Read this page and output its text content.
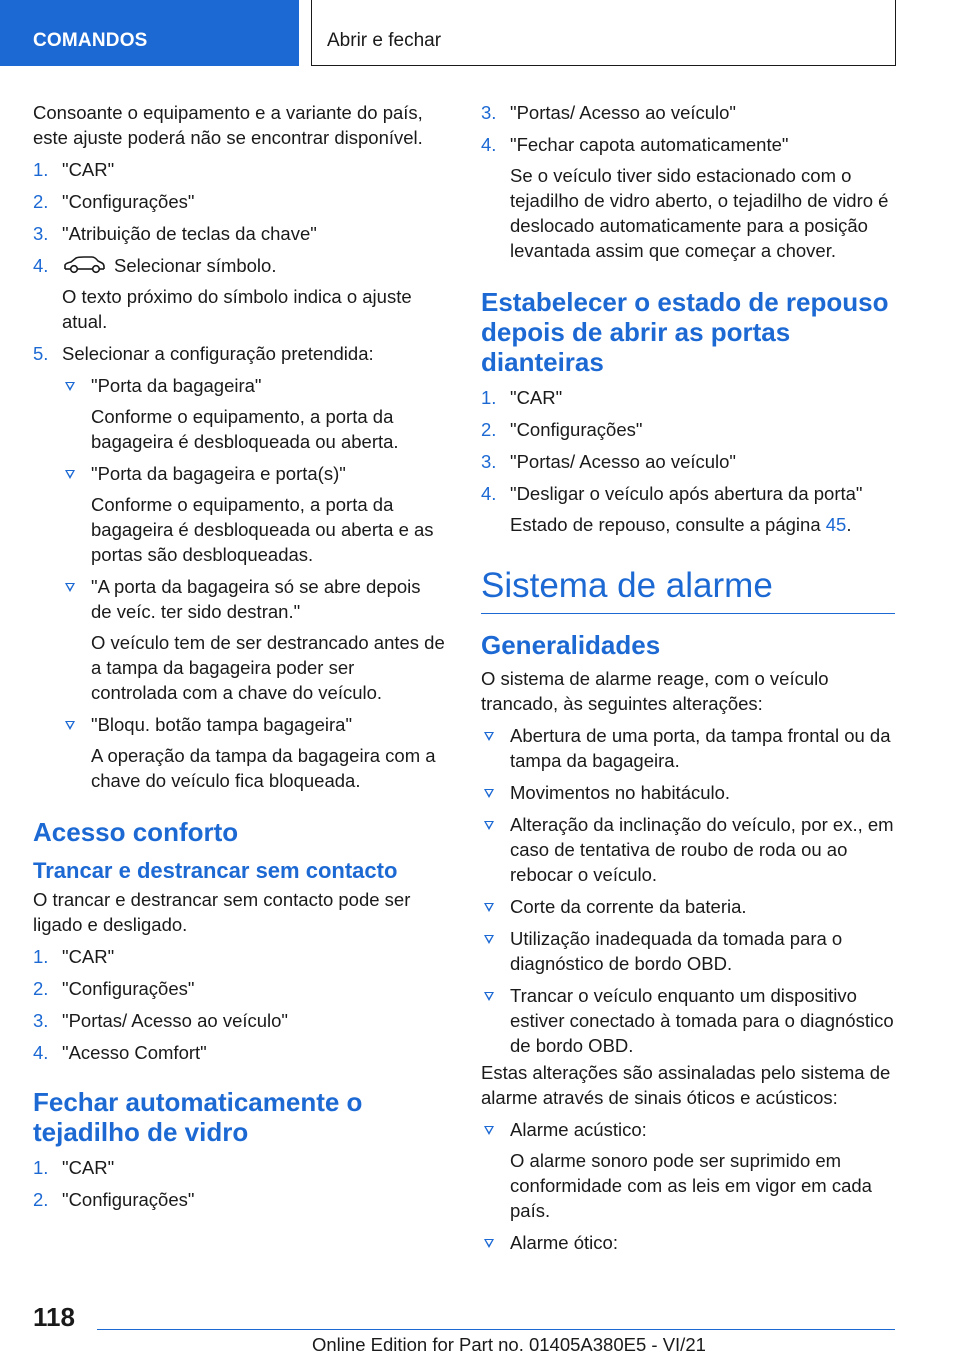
COMANDOS	Abrir e fechar

Consoante o equipamento e a variante do país, este ajuste poderá não se encontrar disponível.

1 . "CAR"
2 . "Configurações"
3 . "Atribuição de teclas da chave"
4 .	Selecionar símbolo.

O texto próximo do símbolo indica o ajuste atual.

5 . Selecionar a configuração pretendida:
"Porta da bagageira"

Conforme o equipamento, a porta da bagageira é desbloqueada ou aberta.

"Porta da bagageira e porta(s)"

Conforme o equipamento, a porta da bagageira é desbloqueada ou aberta e as portas são desbloqueadas.

"A porta da bagageira só se abre depois de veíc. ter sido destran."

O veículo tem de ser destrancado antes de a tampa da bagageira poder ser controlada com a chave do veículo.

"Bloqu. botão tampa bagageira"

A operação da tampa da bagageira com a chave do veículo fica bloqueada.

Acesso conforto
Trancar e destrancar sem contacto

O trancar e destrancar sem contacto pode ser ligado e desligado.

1 . "CAR"
2 . "Configurações"
3 . "Portas/ Acesso ao veículo"
4 . "Acesso Comfort"
Fechar automaticamente o tejadilho de vidro
1 . "CAR"
2 . "Configurações"
3 . "Portas/ Acesso ao veículo"
4 . "Fechar capota automaticamente"

Se o veículo tiver sido estacionado com o tejadilho de vidro aberto, o tejadilho de vidro é deslocado automaticamente para a posição levantada assim que começar a chover.

Estabelecer o estado de repouso depois de abrir as portas dianteiras
1 . "CAR"
2 . "Configurações"
3 . "Portas/ Acesso ao veículo"
4 . "Desligar o veículo após abertura da porta"

Estado de repouso, consulte a página 45.

Sistema de alarme
Generalidades

O sistema de alarme reage, com o veículo trancado, às seguintes alterações:

Abertura de uma porta, da tampa frontal ou da tampa da bagageira.
Movimentos no habitáculo.
Alteração da inclinação do veículo, por ex., em caso de tentativa de roubo de roda ou ao rebocar o veículo.
Corte da corrente da bateria.
Utilização inadequada da tomada para o diagnóstico de bordo OBD.
Trancar o veículo enquanto um dispositivo estiver conectado à tomada para o diagnóstico de bordo OBD.

Estas alterações são assinaladas pelo sistema de alarme através de sinais óticos e acústicos:

Alarme acústico:

O alarme sonoro pode ser suprimido em conformidade com as leis em vigor em cada país.

Alarme ótico:
118
Online Edition for Part no. 01405A380E5 - VI/21
